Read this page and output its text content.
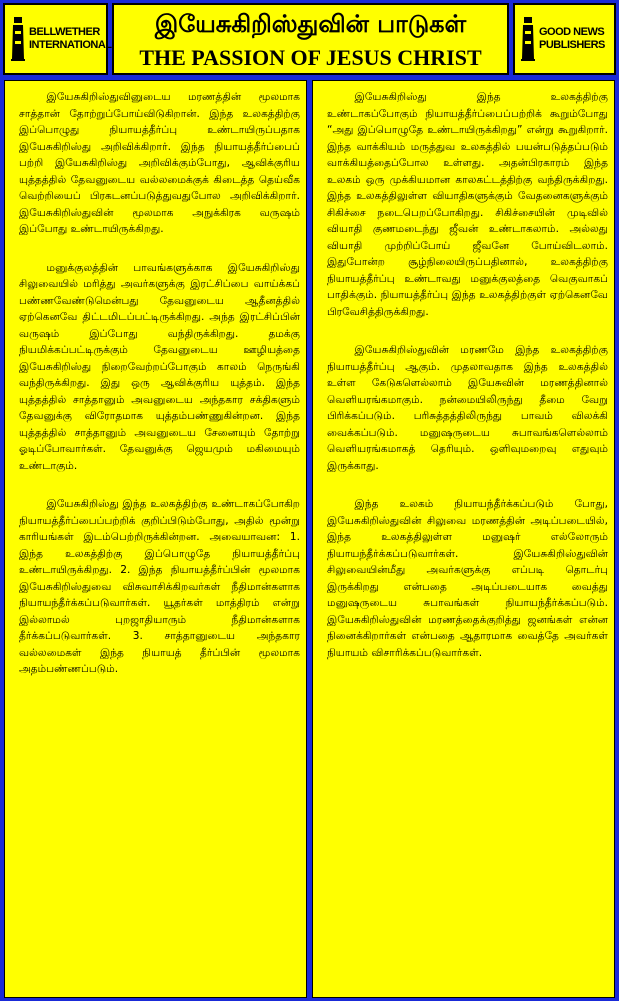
BELLWETHER
INTERNATIONAL
இயேசுகிறிஸ்துவின் பாடுகள்
THE PASSION OF JESUS CHRIST
GOOD NEWS
PUBLISHERS

இயேசுகிறிஸ்துவினுடைய மரணத்தின் மூலமாக சாத்தான் தோற்றுப்போய்விடுகிறான். இந்த உலகத்திற்கு இப்பொழுது நியாயத்தீர்ப்பு உண்டாயிருப்பதாக இயேசுகிறிஸ்து அறிவிக்கிறார். இந்த நியாயத்தீர்ப்பைப் பற்றி இயேசுகிறிஸ்து அறிவிக்கும்போது, ஆவிக்குரிய யுத்தத்தில் தேவனுடைய வல்லமைக்குக் கிடைத்த தெய்வீக வெற்றியைப் பிரகடனப்படுத்துவதுபோல அறிவிக்கிறார். இயேசுகிறிஸ்துவின் மூலமாக அநுக்கிரக வருஷம் இப்போது உண்டாயிருக்கிறது.

மனுக்குலத்தின் பாவங்களுக்காக இயேசுகிறிஸ்து சிலுவையில் மரித்து அவர்களுக்கு இரட்சிப்பை வாய்க்கப் பண்ணவேண்டுமென்பது தேவனுடைய ஆதீனத்தில் ஏற்கெனவே திட்டமிடப்பட்டிருக்கிறது. அந்த இரட்சிப்பின் வருஷம் இப்போது வந்திருக்கிறது. தமக்கு நியமிக்கப்பட்டிருக்கும் தேவனுடைய ஊழியத்தை இயேசுகிறிஸ்து நிறைவேற்றப்போகும் காலம் நெருங்கி வந்திருக்கிறது. இது ஒரு ஆவிக்குரிய யுத்தம். இந்த யுத்தத்தில் சாத்தானும் அவனுடைய அந்தகார சக்திகளும் தேவனுக்கு விரோதமாக யுத்தம்பண்ணுகின்றன. இந்த யுத்தத்தில் சாத்தானும் அவனுடைய சேனையும் தோற்று ஓடிப்போவார்கள். தேவனுக்கு ஜெயமும் மகிமையும் உண்டாகும்.

இயேசுகிறிஸ்து இந்த உலகத்திற்கு உண்டாகப்போகிற நியாயத்தீர்ப்பைப்பற்றிக் குறிப்பிடும்போது, அதில் மூன்று காரியங்கள் இடம்பெற்றிருக்கின்றன. அவையாவன: 1. இந்த உலகத்திற்கு இப்பொழுதே நியாயத்தீர்ப்பு உண்டாயிருக்கிறது. 2. இந்த நியாயத்தீர்ப்பின் மூலமாக இயேசுகிறிஸ்துவை விசுவாசிக்கிறவர்கள் நீதிமான்களாக நியாயந்தீர்க்கப்படுவார்கள். யூதர்கள் மாத்திரம் என்று இல்லாமல் புறஜாதியாரும் நீதிமான்களாக தீர்க்கப்படுவார்கள். 3. சாத்தானுடைய அந்தகார வல்லமைகள் இந்த நியாயத் தீர்ப்பின் மூலமாக அதம்பண்ணப்படும்.

இயேசுகிறிஸ்து இந்த உலகத்திற்கு உண்டாகப்போகும் நியாயத்தீர்ப்பைப்பற்றிக் கூறும்போது “அது இப்பொழுதே உண்டாயிருக்கிறது” என்று கூறுகிறார். இந்த வாக்கியம் மருத்துவ உலகத்தில் பயன்படுத்தப்படும் வாக்கியத்தைப்போல உள்ளது. அதன்பிரகாரம் இந்த உலகம் ஒரு முக்கியமான காலகட்டத்திற்கு வந்திருக்கிறது. இந்த உலகத்திலுள்ள வியாதிகளுக்கும் வேதனைகளுக்கும் சிகிச்சை நடைபெறப்போகிறது. சிகிச்சையின் முடிவில் வியாதி குணமடைந்து ஜீவன் உண்டாகலாம். அல்லது வியாதி முற்றிப்போய் ஜீவனே போய்விடலாம். இதுபோன்ற சூழ்நிலையிருப்பதினால், உலகத்திற்கு நியாயத்தீர்ப்பு உண்டாவது மனுக்குலத்தை வெகுவாகப் பாதிக்கும். நியாயத்தீர்ப்பு இந்த உலகத்திற்குள் ஏற்கெனவே பிரவேசித்திருக்கிறது.

இயேசுகிறிஸ்துவின் மரணமே இந்த உலகத்திற்கு நியாயத்தீர்ப்பு ஆகும். முதலாவதாக இந்த உலகத்தில் உள்ள கேடுகளெல்லாம் இயேசுவின் மரணத்தினால் வெளியரங்கமாகும். நன்மையிலிருந்து தீமை வேறு பிரிக்கப்படும். பரிசுத்தத்திலிருந்து பாவம் விலக்கி வைக்கப்படும். மனுஷருடைய சுபாவங்களெல்லாம் வெளியரங்கமாகத் தெரியும். ஒளிவுமறைவு எதுவும் இருக்காது.

இந்த உலகம் நியாயந்தீர்க்கப்படும் போது, இயேசுகிறிஸ்துவின் சிலுவை மரணத்தின் அடிப்படையில், இந்த உலகத்திலுள்ள மனுஷர் எல்லோரும் நியாயந்தீர்க்கப்படுவார்கள். இயேசுகிறிஸ்துவின் சிலுவையின்மீது அவர்களுக்கு எப்படி தொடர்பு இருக்கிறது என்பதை அடிப்படையாக வைத்து மனுஷருடைய சுபாவங்கள் நியாயந்தீர்க்கப்படும். இயேசுகிறிஸ்துவின் மரணத்தைக்குறித்து ஜனங்கள் என்ன நினைக்கிறார்கள் என்பதை ஆதாரமாக வைத்தே அவர்கள் நியாயம் விசாரிக்கப்படுவார்கள்.
